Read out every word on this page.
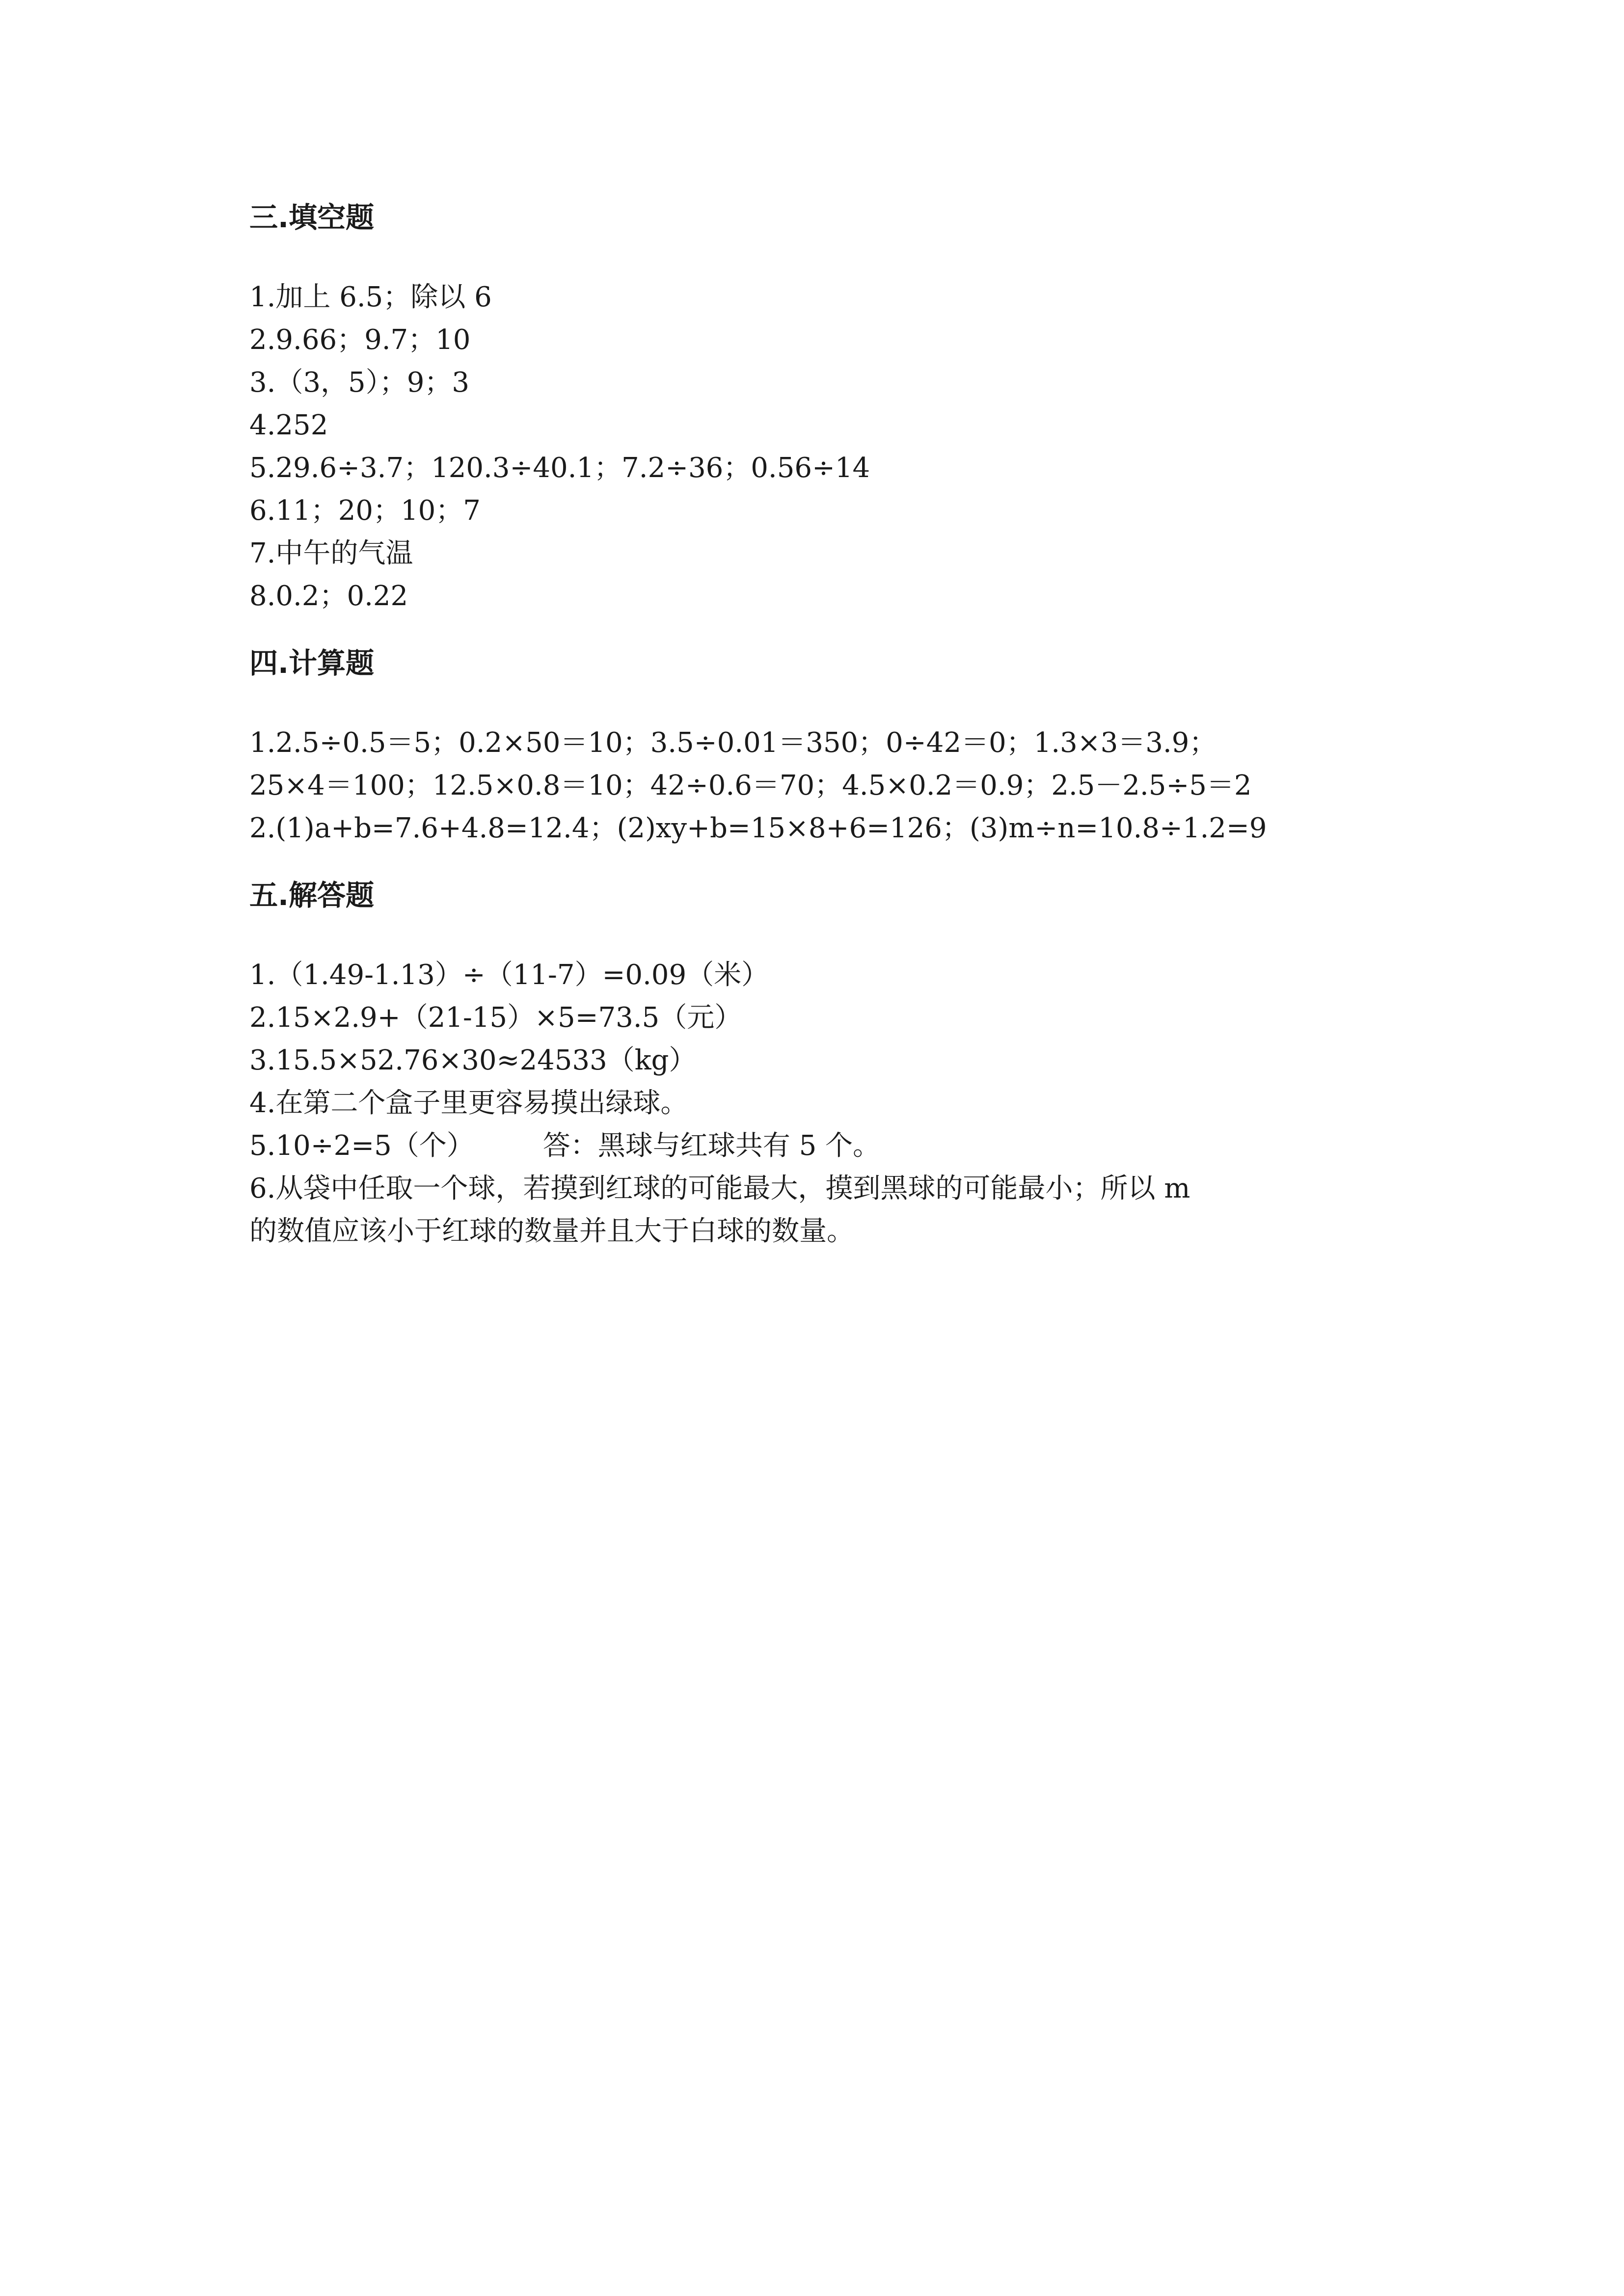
三.填空题
1.加上 6.5；除以 6
2.9.66；9.7；10
3.（3，5）；9；3
4.252
5.29.6÷3.7；120.3÷40.1；7.2÷36；0.56÷14
6.11；20；10；7
7.中午的气温
8.0.2；0.22
四.计算题
1.2.5÷0.5＝5；0.2×50＝10；3.5÷0.01＝350；0÷42＝0；1.3×3＝3.9；
25×4＝100；12.5×0.8＝10；42÷0.6＝70；4.5×0.2＝0.9；2.5－2.5÷5＝2
2.(1)a+b=7.6+4.8=12.4；(2)xy+b=15×8+6=126；(3)m÷n=10.8÷1.2=9
五.解答题
1.（1.49-1.13）÷（11-7）=0.09（米）
2.15×2.9+（21-15）×5=73.5（元）
3.15.5×52.76×30≈24533（kg）
4.在第二个盒子里更容易摸出绿球。
5.10÷2=5（个）	答：黑球与红球共有 5 个。
6.从袋中任取一个球，若摸到红球的可能最大，摸到黑球的可能最小；所以 m
的数值应该小于红球的数量并且大于白球的数量。
